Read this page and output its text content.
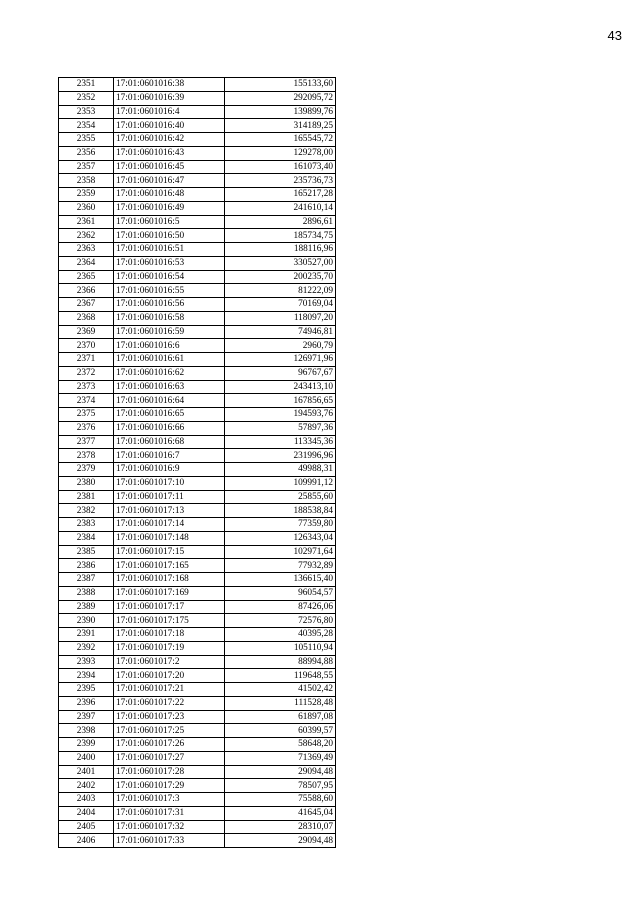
43
2351	17:01:0601016:38	155133,60
2352	17:01:0601016:39	292095,72
2353	17:01:0601016:4	139899,76
2354	17:01:0601016:40	314189,25
2355	17:01:0601016:42	165545,72
2356	17:01:0601016:43	129278,00
2357	17:01:0601016:45	161073,40
2358	17:01:0601016:47	235736,73
2359	17:01:0601016:48	165217,28
2360	17:01:0601016:49	241610,14
2361	17:01:0601016:5	2896,61
2362	17:01:0601016:50	185734,75
2363	17:01:0601016:51	188116,96
2364	17:01:0601016:53	330527,00
2365	17:01:0601016:54	200235,70
2366	17:01:0601016:55	81222,09
2367	17:01:0601016:56	70169,04
2368	17:01:0601016:58	118097,20
2369	17:01:0601016:59	74946,81
2370	17:01:0601016:6	2960,79
2371	17:01:0601016:61	126971,96
2372	17:01:0601016:62	96767,67
2373	17:01:0601016:63	243413,10
2374	17:01:0601016:64	167856,65
2375	17:01:0601016:65	194593,76
2376	17:01:0601016:66	57897,36
2377	17:01:0601016:68	113345,36
2378	17:01:0601016:7	231996,96
2379	17:01:0601016:9	49988,31
2380	17:01:0601017:10	109991,12
2381	17:01:0601017:11	25855,60
2382	17:01:0601017:13	188538,84
2383	17:01:0601017:14	77359,80
2384	17:01:0601017:148	126343,04
2385	17:01:0601017:15	102971,64
2386	17:01:0601017:165	77932,89
2387	17:01:0601017:168	136615,40
2388	17:01:0601017:169	96054,57
2389	17:01:0601017:17	87426,06
2390	17:01:0601017:175	72576,80
2391	17:01:0601017:18	40395,28
2392	17:01:0601017:19	105110,94
2393	17:01:0601017:2	88994,88
2394	17:01:0601017:20	119648,55
2395	17:01:0601017:21	41502,42
2396	17:01:0601017:22	111528,48
2397	17:01:0601017:23	61897,08
2398	17:01:0601017:25	60399,57
2399	17:01:0601017:26	58648,20
2400	17:01:0601017:27	71369,49
2401	17:01:0601017:28	29094,48
2402	17:01:0601017:29	78507,95
2403	17:01:0601017:3	75588,60
2404	17:01:0601017:31	41645,04
2405	17:01:0601017:32	28310,07
2406	17:01:0601017:33	29094,48
